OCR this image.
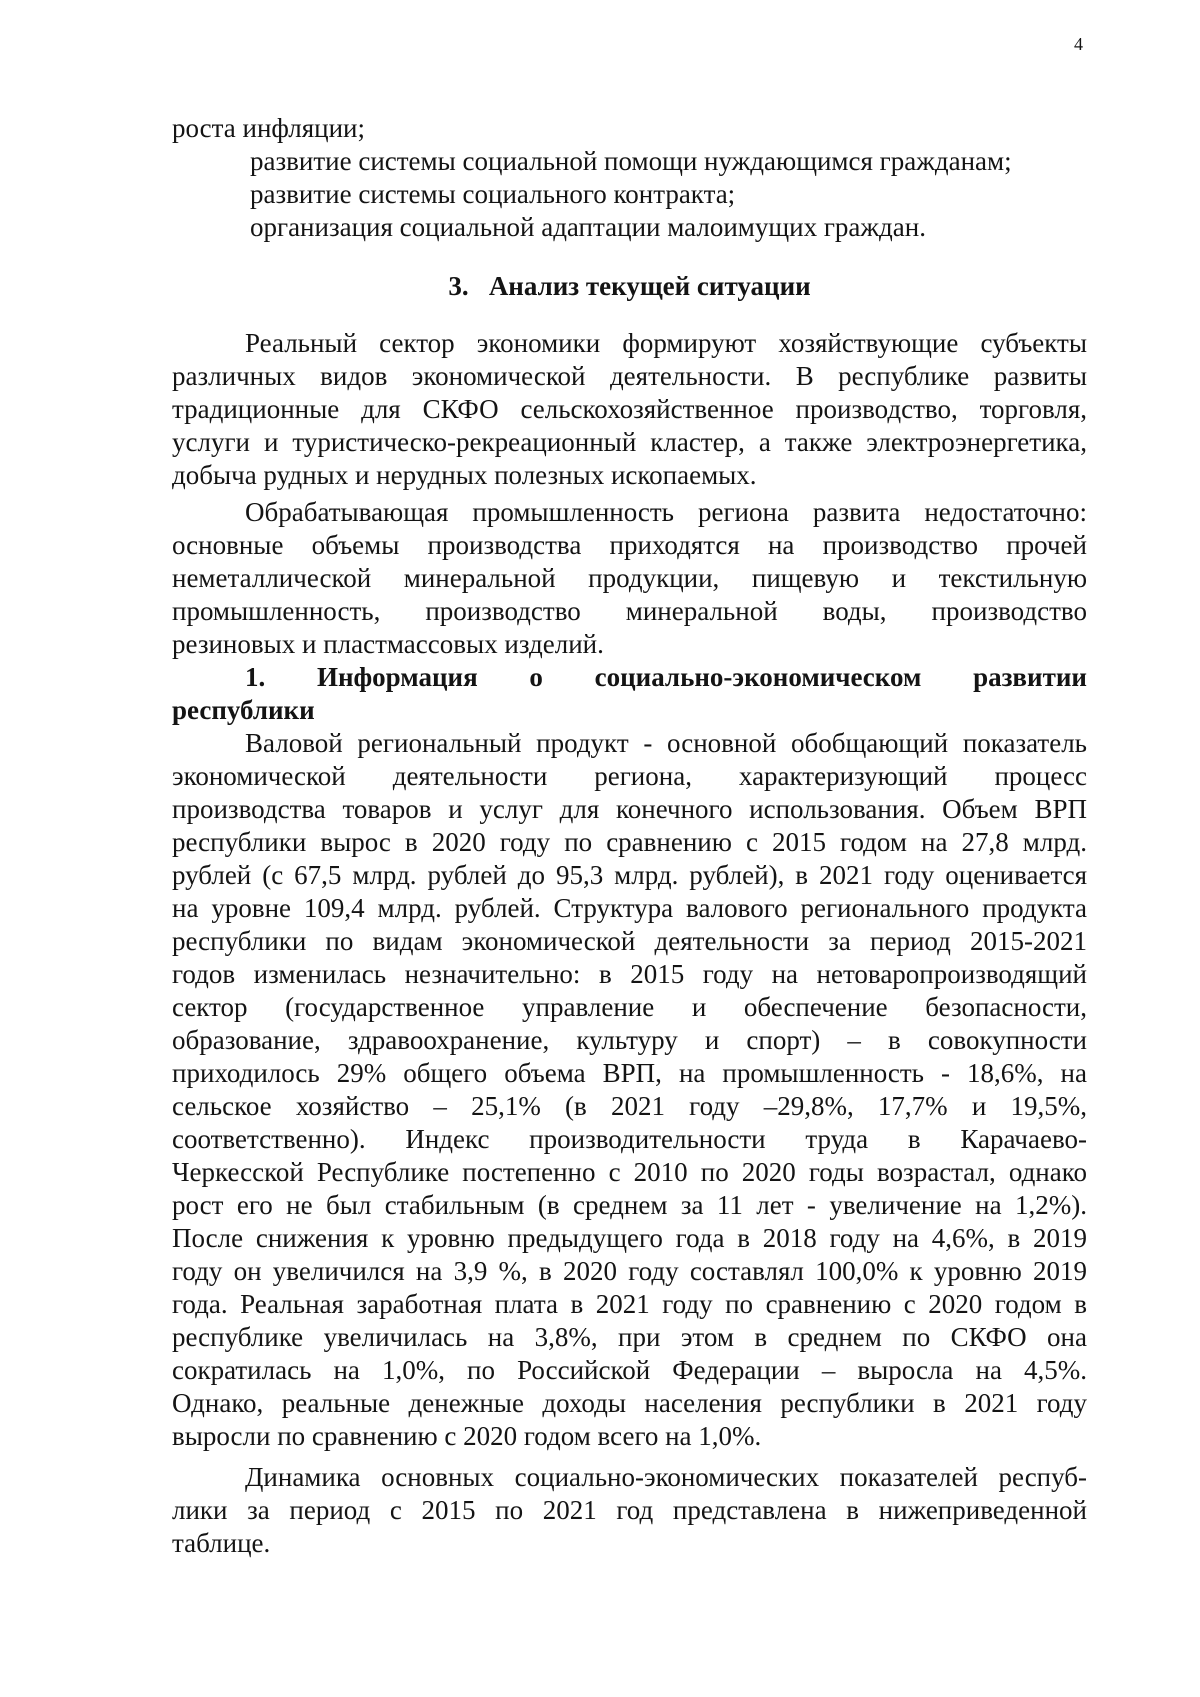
4

роста инфляции;

развитие системы социальной помощи нуждающимся гражданам;

развитие системы социального контракта;

организация социальной адаптации малоимущих граждан.

3.   Анализ текущей ситуации

Реальный сектор экономики формируют хозяйствующие субъекты

различных видов экономической деятельности. В республике развиты

традиционные для СКФО сельскохозяйственное производство, торговля,

услуги и туристическо-рекреационный кластер, а также электроэнергетика,

добыча рудных и нерудных полезных ископаемых.

Обрабатывающая промышленность региона развита недостаточно:

основные объемы производства приходятся на производство прочей

неметаллической минеральной продукции, пищевую и текстильную

промышленность, производство минеральной воды, производство

резиновых и пластмассовых изделий.

1. Информация о социально-экономическом развитии

республики

Валовой региональный продукт - основной обобщающий показатель

экономической деятельности региона, характеризующий процесс

производства товаров и услуг для конечного использования. Объем ВРП

республики вырос в 2020 году по сравнению с 2015 годом на 27,8 млрд.

рублей (с 67,5 млрд. рублей до 95,3 млрд. рублей), в 2021 году оценивается

на уровне 109,4 млрд. рублей. Структура валового регионального продукта

республики по видам экономической деятельности за период 2015-2021

годов изменилась незначительно: в 2015 году на нетоваропроизводящий

сектор (государственное управление и обеспечение безопасности,

образование, здравоохранение, культуру и спорт) – в совокупности

приходилось 29% общего объема ВРП, на промышленность - 18,6%, на

сельское хозяйство – 25,1% (в 2021 году –29,8%, 17,7% и 19,5%,

соответственно). Индекс производительности труда в Карачаево-

Черкесской Республике постепенно с 2010 по 2020 годы возрастал, однако

рост его не был стабильным (в среднем за 11 лет - увеличение на 1,2%).

После снижения к уровню предыдущего года в 2018 году на 4,6%, в 2019

году он увеличился на 3,9 %, в 2020 году составлял 100,0% к уровню 2019

года. Реальная заработная плата в 2021 году по сравнению с 2020 годом в

республике увеличилась на 3,8%, при этом в среднем по СКФО она

сократилась на 1,0%, по Российской Федерации – выросла на 4,5%.

Однако, реальные денежные доходы населения республики в 2021 году

выросли по сравнению с 2020 годом всего на 1,0%.

Динамика основных социально-экономических показателей респуб-

лики за период с 2015 по 2021 год представлена в нижеприведенной

таблице.
